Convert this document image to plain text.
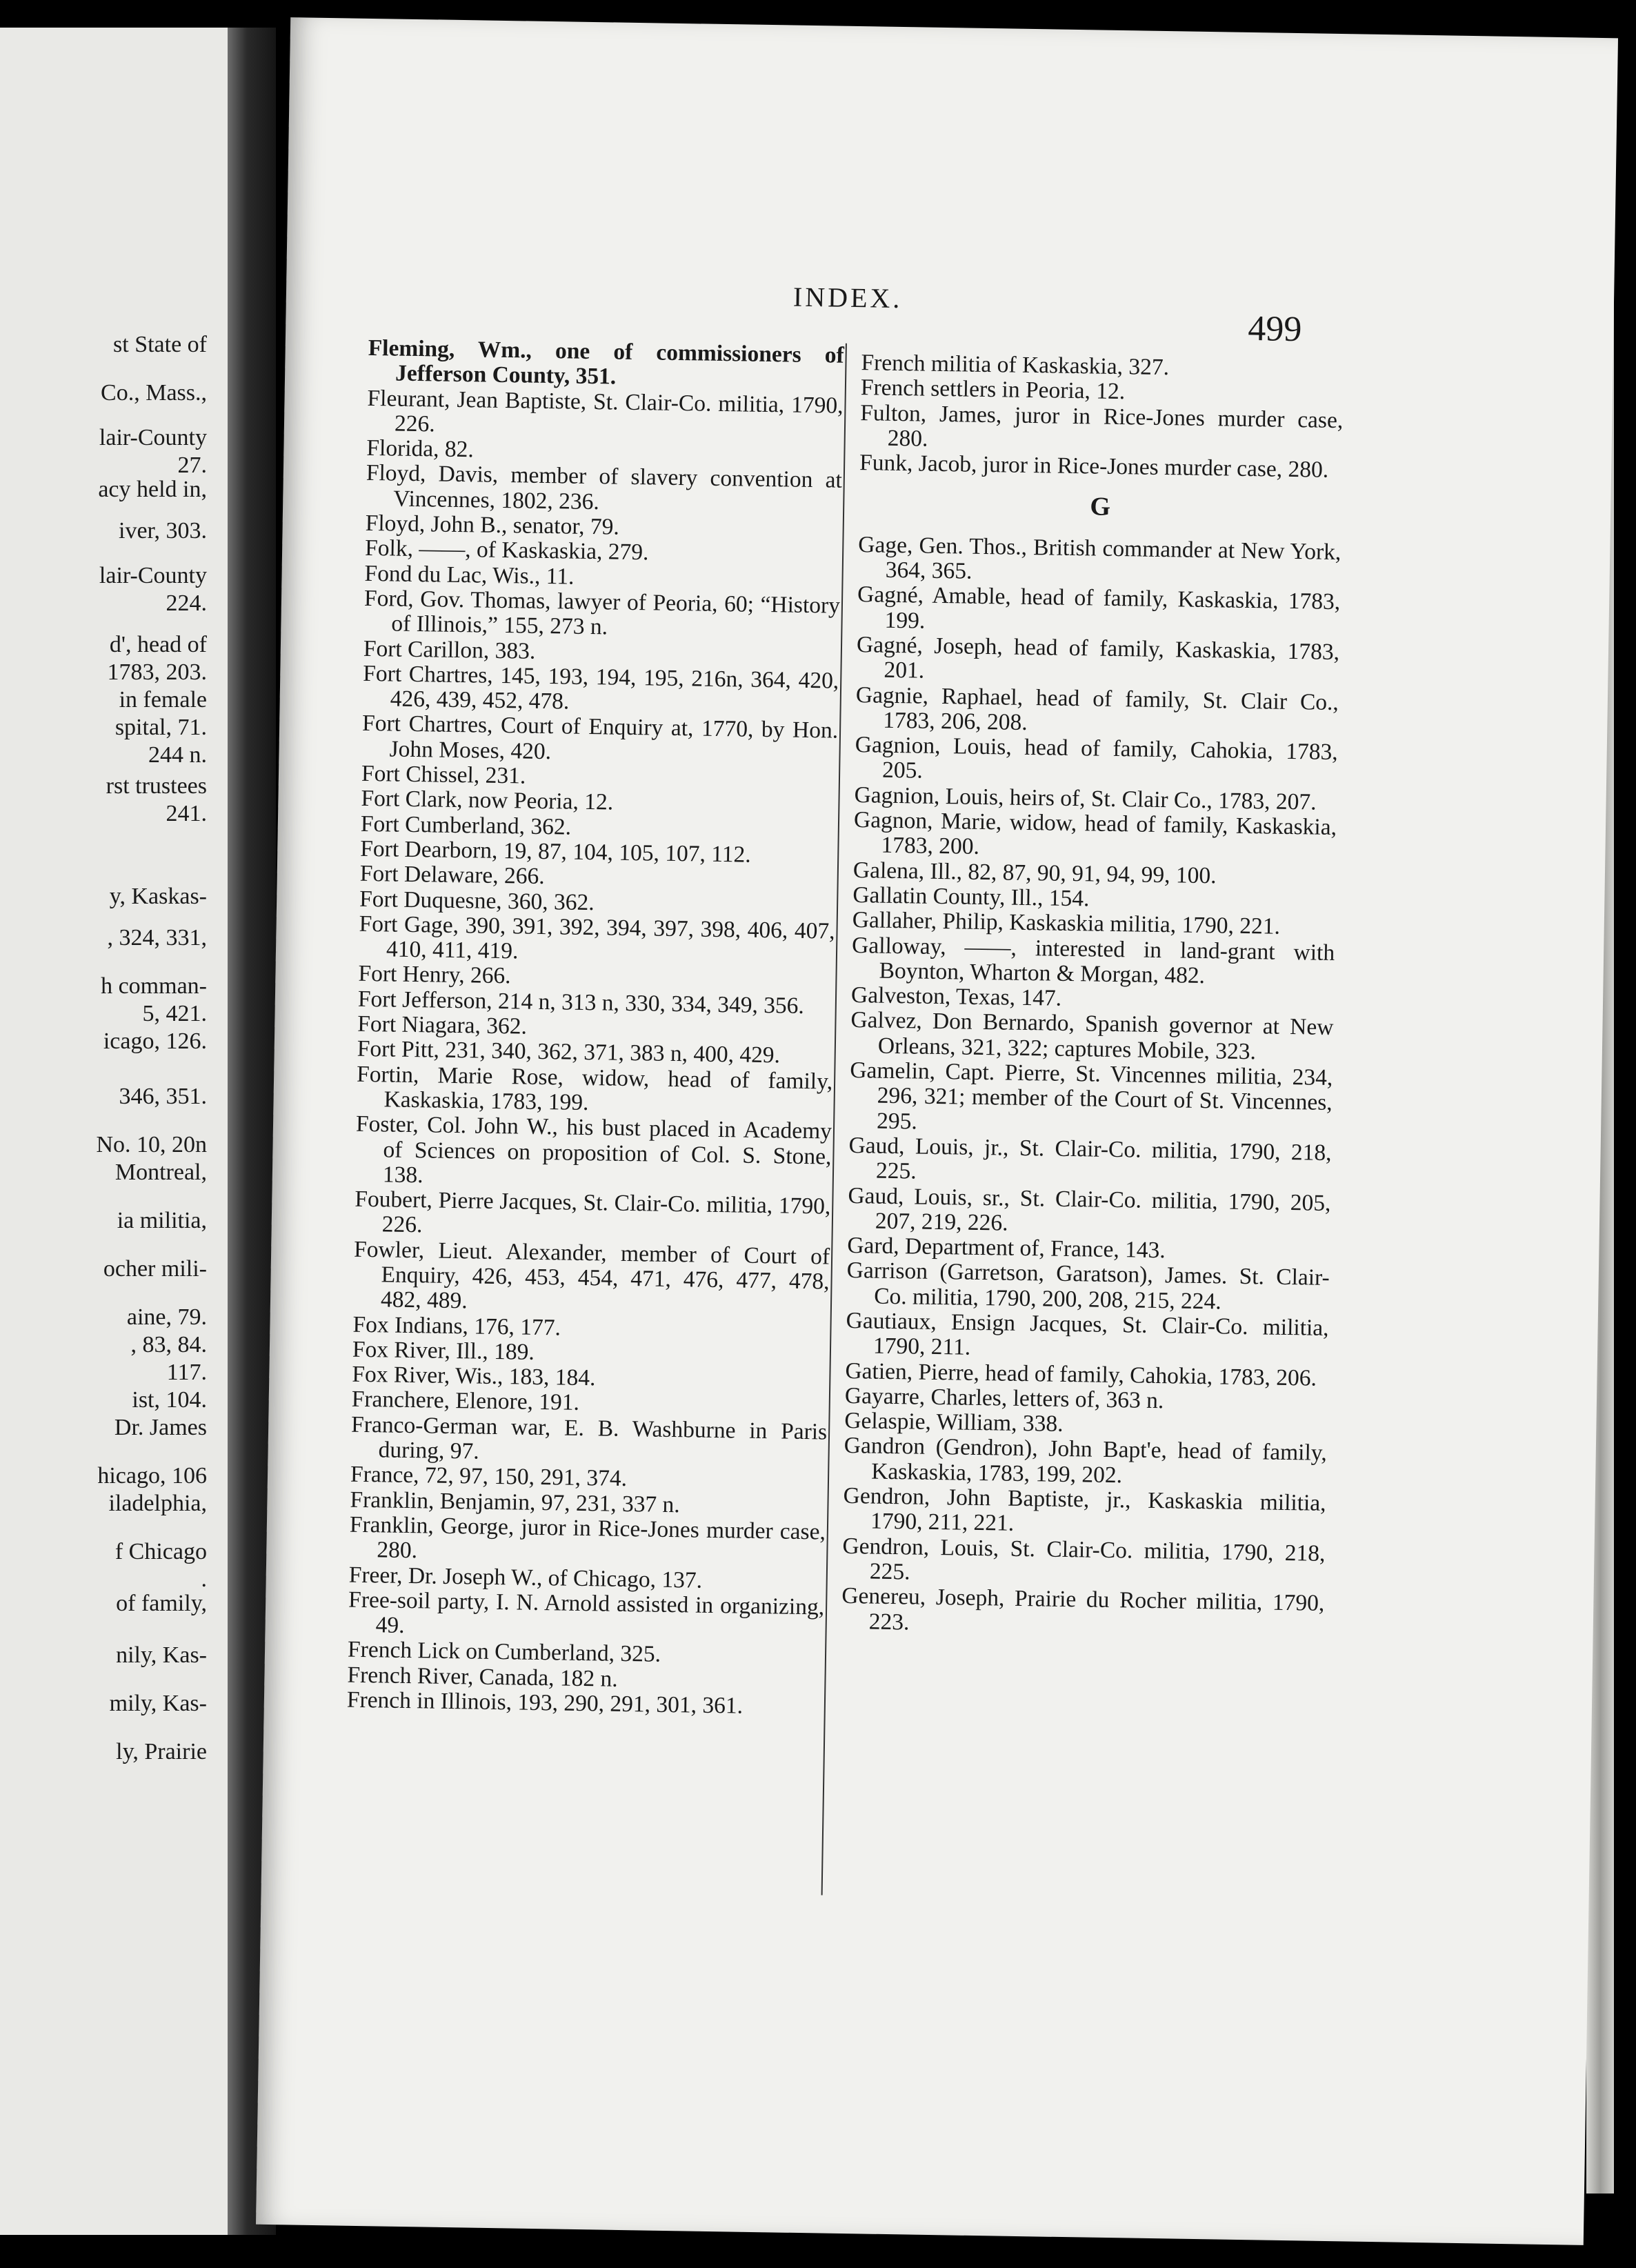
st State of
Co., Mass.,
lair-County
27.
acy held in,
iver, 303.
lair-County
224.
d', head of
1783, 203.
in female
spital, 71.
244 n.
rst trustees
241.
y, Kaskas-
, 324, 331,
h comman-
5, 421.
icago, 126.
346, 351.
No. 10, 20n
Montreal,
ia militia,
ocher mili-
aine, 79.
, 83, 84.
117.
ist, 104.
Dr. James
hicago, 106
iladelphia,
f Chicago
.
of family,
nily, Kas-
mily, Kas-
ly, Prairie
INDEX.
499

Fleming, Wm., one of commissioners of Jefferson County, 351.

Fleurant, Jean Baptiste, St. Clair-Co. militia, 1790, 226.

Florida, 82.

Floyd, Davis, member of slavery convention at Vincennes, 1802, 236.

Floyd, John B., senator, 79.

Folk, ——, of Kaskaskia, 279.

Fond du Lac, Wis., 11.

Ford, Gov. Thomas, lawyer of Peoria, 60; “History of Illinois,” 155, 273 n.

Fort Carillon, 383.

Fort Chartres, 145, 193, 194, 195, 216n, 364, 420, 426, 439, 452, 478.

Fort Chartres, Court of Enquiry at, 1770, by Hon. John Moses, 420.

Fort Chissel, 231.

Fort Clark, now Peoria, 12.

Fort Cumberland, 362.

Fort Dearborn, 19, 87, 104, 105, 107, 112.

Fort Delaware, 266.

Fort Duquesne, 360, 362.

Fort Gage, 390, 391, 392, 394, 397, 398, 406, 407, 410, 411, 419.

Fort Henry, 266.

Fort Jefferson, 214 n, 313 n, 330, 334, 349, 356.

Fort Niagara, 362.

Fort Pitt, 231, 340, 362, 371, 383 n, 400, 429.

Fortin, Marie Rose, widow, head of family, Kaskaskia, 1783, 199.

Foster, Col. John W., his bust placed in Academy of Sciences on proposition of Col. S. Stone, 138.

Foubert, Pierre Jacques, St. Clair-Co. militia, 1790, 226.

Fowler, Lieut. Alexander, member of Court of Enquiry, 426, 453, 454, 471, 476, 477, 478, 482, 489.

Fox Indians, 176, 177.

Fox River, Ill., 189.

Fox River, Wis., 183, 184.

Franchere, Elenore, 191.

Franco-German war, E. B. Washburne in Paris during, 97.

France, 72, 97, 150, 291, 374.

Franklin, Benjamin, 97, 231, 337 n.

Franklin, George, juror in Rice-Jones murder case, 280.

Freer, Dr. Joseph W., of Chicago, 137.

Free-soil party, I. N. Arnold assisted in organizing, 49.

French Lick on Cumberland, 325.

French River, Canada, 182 n.

French in Illinois, 193, 290, 291, 301, 361.

French militia of Kaskaskia, 327.

French settlers in Peoria, 12.

Fulton, James, juror in Rice-Jones murder case, 280.

Funk, Jacob, juror in Rice-Jones murder case, 280.

G

Gage, Gen. Thos., British commander at New York, 364, 365.

Gagné, Amable, head of family, Kaskaskia, 1783, 199.

Gagné, Joseph, head of family, Kaskaskia, 1783, 201.

Gagnie, Raphael, head of family, St. Clair Co., 1783, 206, 208.

Gagnion, Louis, head of family, Cahokia, 1783, 205.

Gagnion, Louis, heirs of, St. Clair Co., 1783, 207.

Gagnon, Marie, widow, head of family, Kaskaskia, 1783, 200.

Galena, Ill., 82, 87, 90, 91, 94, 99, 100.

Gallatin County, Ill., 154.

Gallaher, Philip, Kaskaskia militia, 1790, 221.

Galloway, ——, interested in land-grant with Boynton, Wharton & Morgan, 482.

Galveston, Texas, 147.

Galvez, Don Bernardo, Spanish governor at New Orleans, 321, 322; captures Mobile, 323.

Gamelin, Capt. Pierre, St. Vincennes militia, 234, 296, 321; member of the Court of St. Vincennes, 295.

Gaud, Louis, jr., St. Clair-Co. militia, 1790, 218, 225.

Gaud, Louis, sr., St. Clair-Co. militia, 1790, 205, 207, 219, 226.

Gard, Department of, France, 143.

Garrison (Garretson, Garatson), James. St. Clair-Co. militia, 1790, 200, 208, 215, 224.

Gautiaux, Ensign Jacques, St. Clair-Co. militia, 1790, 211.

Gatien, Pierre, head of family, Cahokia, 1783, 206.

Gayarre, Charles, letters of, 363 n.

Gelaspie, William, 338.

Gandron (Gendron), John Bapt'e, head of family, Kaskaskia, 1783, 199, 202.

Gendron, John Baptiste, jr., Kaskaskia militia, 1790, 211, 221.

Gendron, Louis, St. Clair-Co. militia, 1790, 218, 225.

Genereu, Joseph, Prairie du Rocher militia, 1790, 223.
